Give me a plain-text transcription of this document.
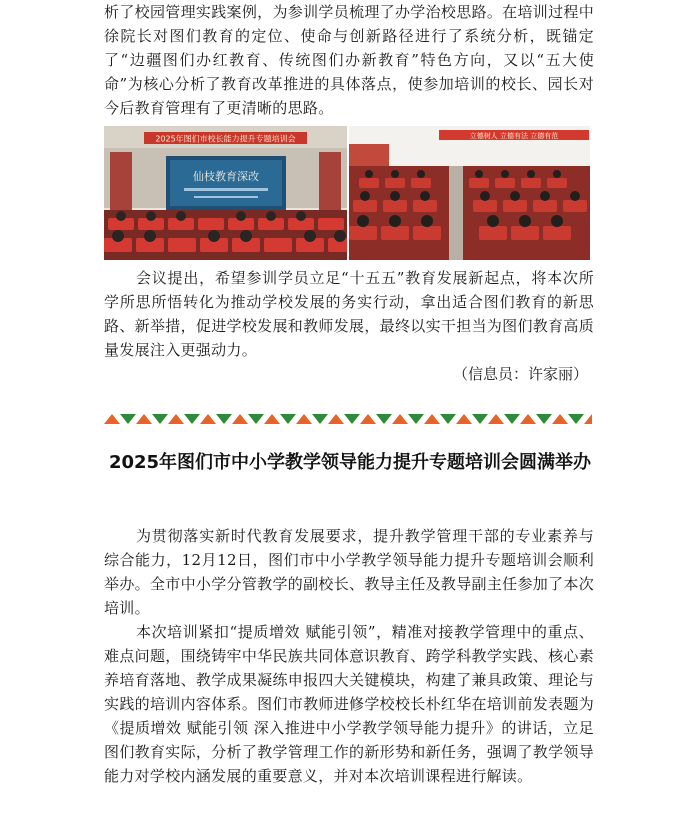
析了校园管理实践案例，为参训学员梳理了办学治校思路。在培训过程中徐院长对图们教育的定位、使命与创新路径进行了系统分析，既锚定了“边疆图们办红教育、传统图们办新教育”特色方向，又以“五大使命”为核心分析了教育改革推进的具体落点，使参加培训的校长、园长对今后教育管理有了更清晰的思路。

2025年图们市校长能力提升专题培训会
仙枝教育深改
立德树人 立德有法 立德有范

会议提出，希望参训学员立足“十五五”教育发展新起点，将本次所学所思所悟转化为推动学校发展的务实行动，拿出适合图们教育的新思路、新举措，促进学校发展和教师发展，最终以实干担当为图们教育高质量发展注入更强动力。

（信息员：许家丽）

2025年图们市中小学教学领导能力提升专题培训会圆满举办

为贯彻落实新时代教育发展要求，提升教学管理干部的专业素养与综合能力，12月12日，图们市中小学教学领导能力提升专题培训会顺利举办。全市中小学分管教学的副校长、教导主任及教导副主任参加了本次培训。

本次培训紧扣“提质增效 赋能引领”，精准对接教学管理中的重点、难点问题，围绕铸牢中华民族共同体意识教育、跨学科教学实践、核心素养培育落地、教学成果凝练申报四大关键模块，构建了兼具政策、理论与实践的培训内容体系。图们市教师进修学校校长朴红华在培训前发表题为《提质增效 赋能引领 深入推进中小学教学领导能力提升》的讲话，立足图们教育实际，分析了教学管理工作的新形势和新任务，强调了教学领导能力对学校内涵发展的重要意义，并对本次培训课程进行解读。
